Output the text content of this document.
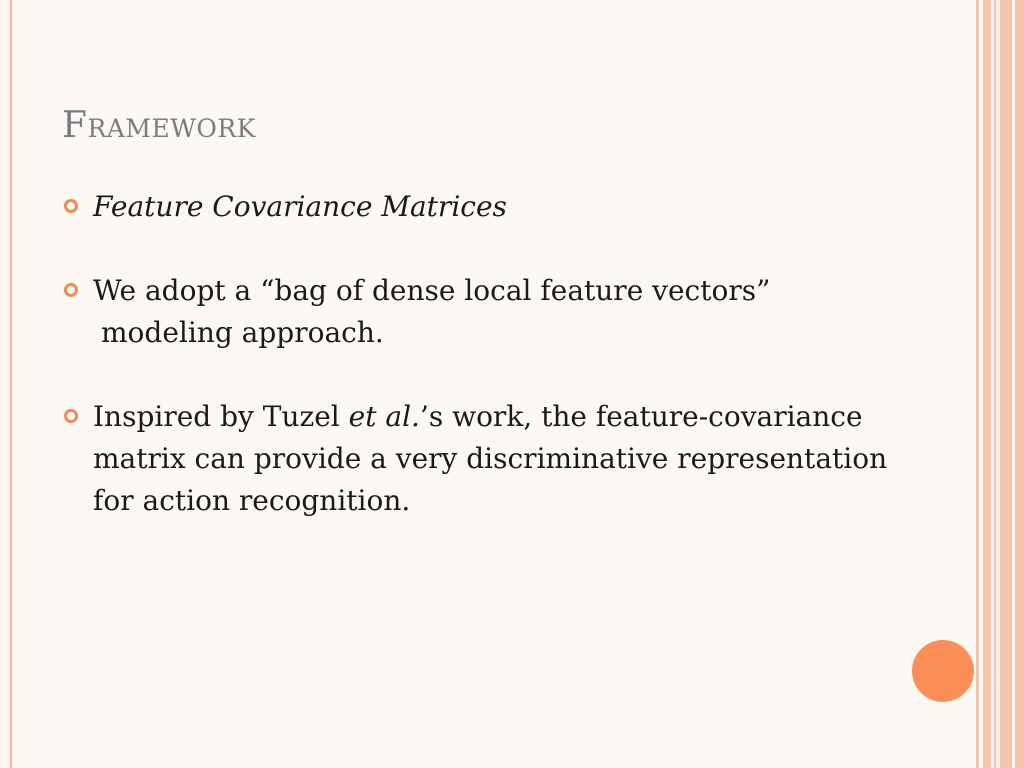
Framework
Feature Covariance Matrices
We adopt a “bag of dense local feature vectors”
modeling approach.
Inspired by Tuzel et al.’s work, the feature-covariance matrix can provide a very discriminative representation for action recognition.
